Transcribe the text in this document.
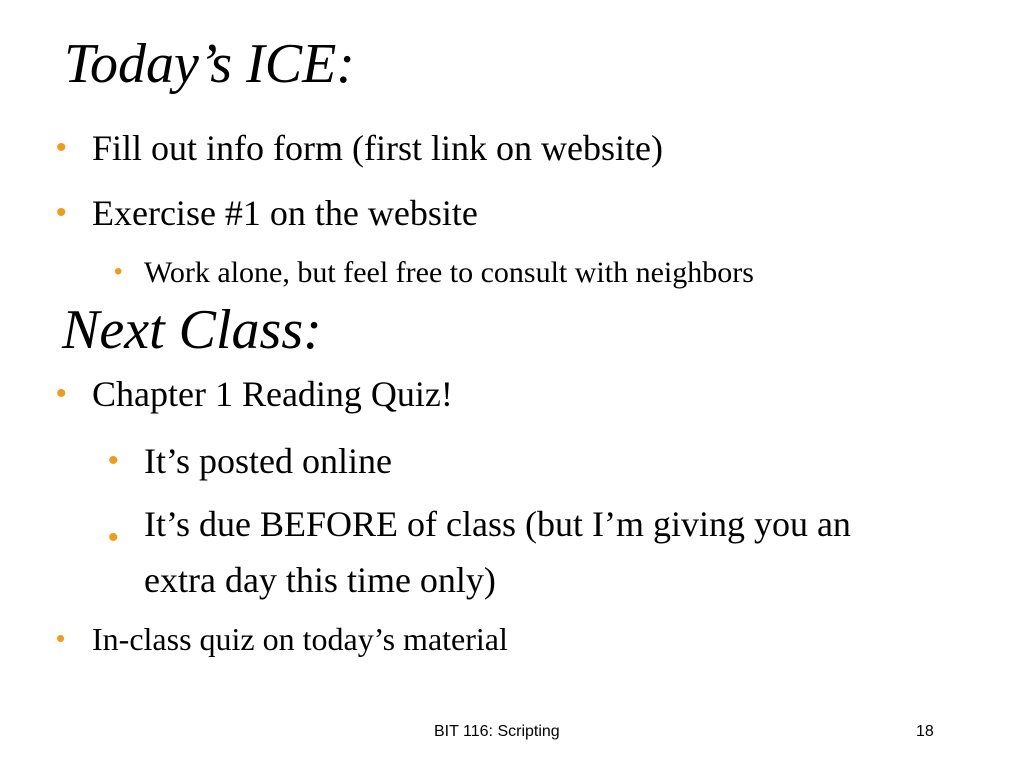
Today’s ICE:
• Fill out info form (first link on website)
• Exercise #1 on the website
• Work alone, but feel free to consult with neighbors
Next Class:
• Chapter 1 Reading Quiz!
• It’s posted online
• It’s due BEFORE of class (but I’m giving you an extra day this time only)
• In-class quiz on today’s material
BIT 116: Scripting	18
